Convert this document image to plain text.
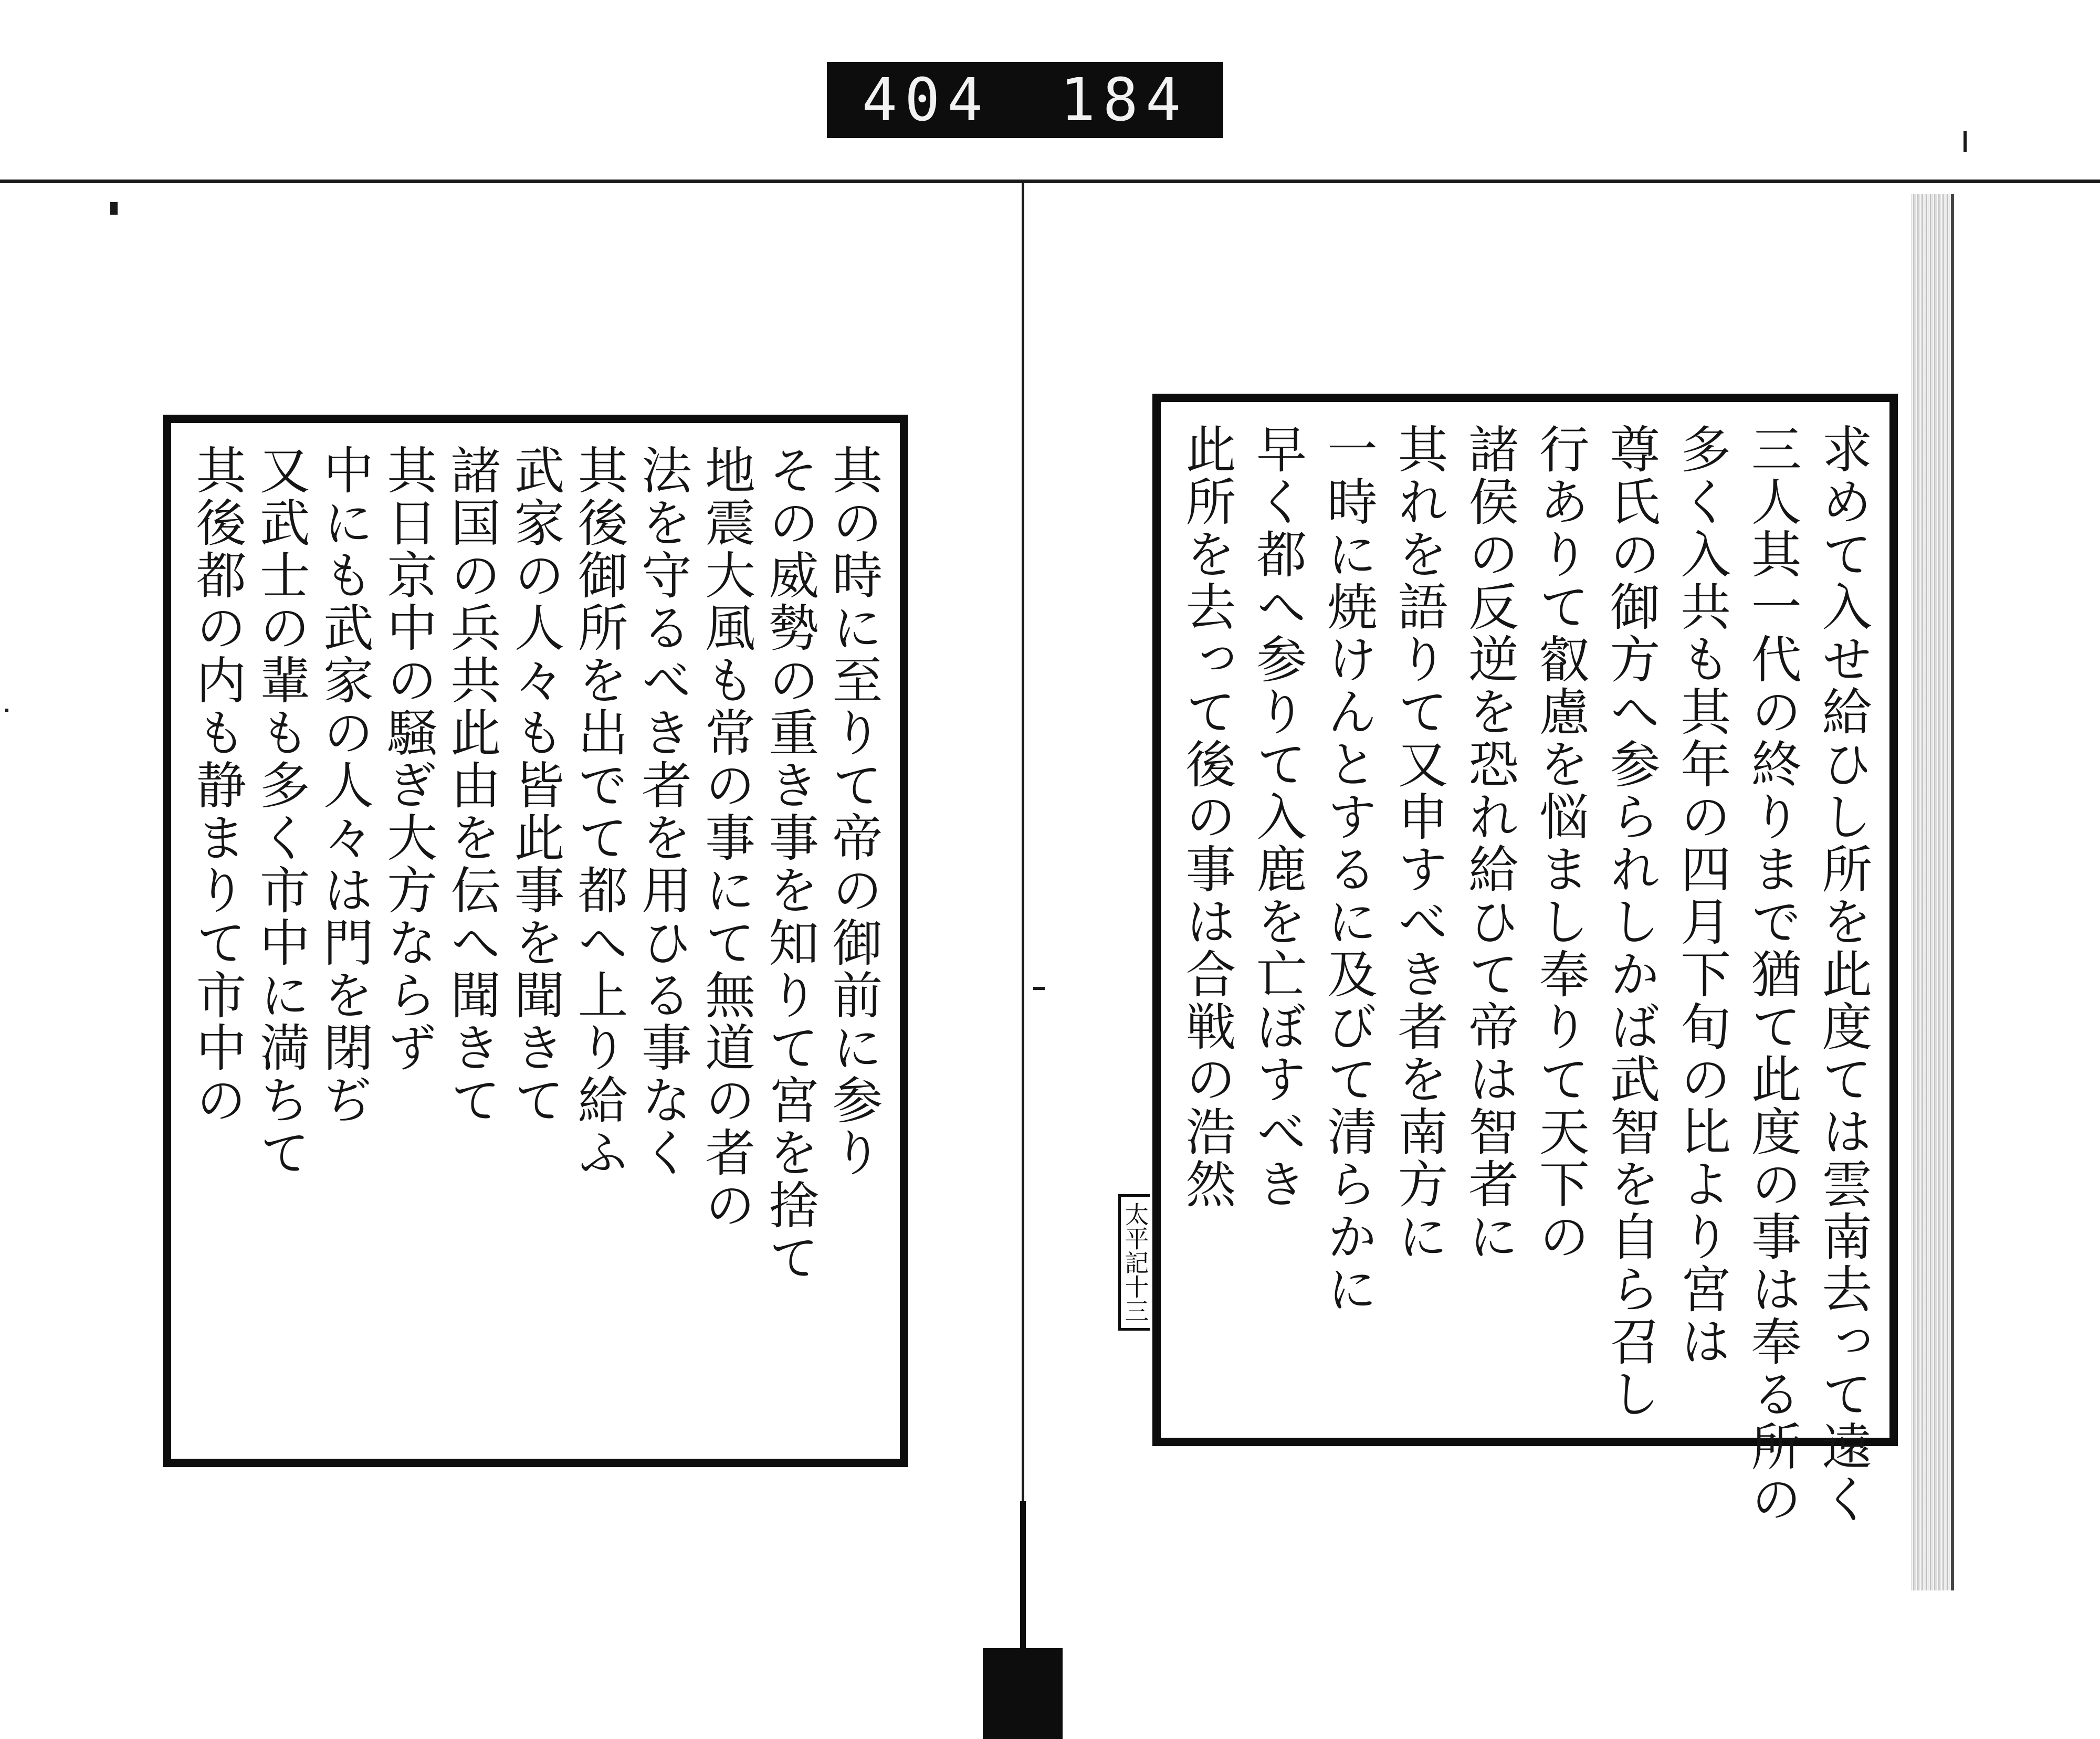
404 184
求めて入せ給ひし所を此度ては雲南去って遠く
三人其一代の終りまで猶て此度の事は奉る所の
多く入共も其年の四月下旬の比より宮は
尊氏の御方へ参られしかば武智を自ら召し
行ありて叡慮を悩まし奉りて天下の
諸侯の反逆を恐れ給ひて帝は智者に
其れを語りて又申すべき者を南方に
一時に焼けんとするに及びて清らかに
早く都へ参りて入鹿を亡ぼすべき
此所を去って後の事は合戦の浩然
太平記十三
其の時に至りて帝の御前に参り
その威勢の重き事を知りて宮を捨て
地震大風も常の事にて無道の者の
法を守るべき者を用ひる事なく
其後御所を出でて都へ上り給ふ
武家の人々も皆此事を聞きて
諸国の兵共此由を伝へ聞きて
其日京中の騒ぎ大方ならず
中にも武家の人々は門を閉ぢ
又武士の輩も多く市中に満ちて
其後都の内も静まりて市中の
